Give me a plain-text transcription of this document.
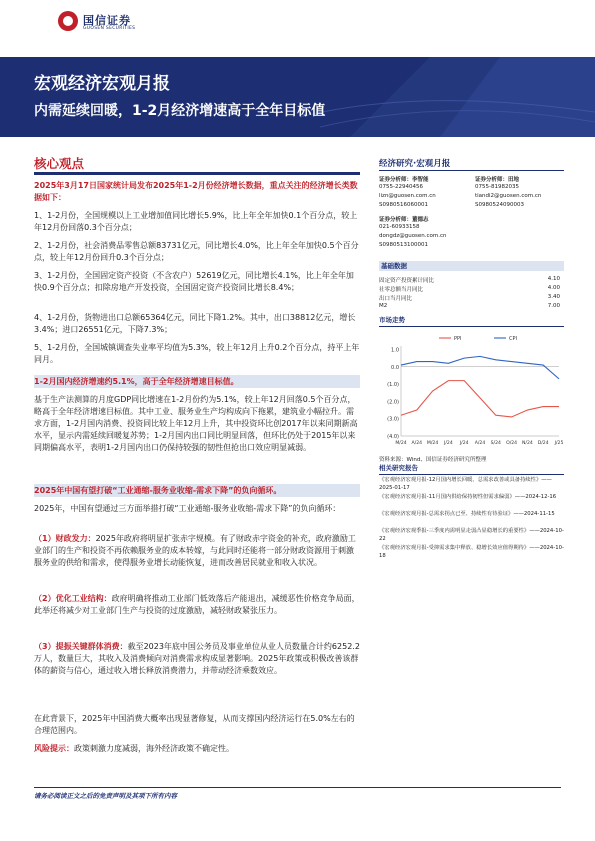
国信证券
GUOSEN SECURITIES
宏观经济宏观月报
内需延续回暖，1-2月经济增速高于全年目标值
核心观点

2025年3月17日国家统计局发布2025年1-2月份经济增长数据，重点关注的经济增长类数据如下：

1、1-2月份，全国规模以上工业增加值同比增长5.9%，比上年全年加快0.1个百分点，较上年12月份回落0.3个百分点；

2、1-2月份，社会消费品零售总额83731亿元，同比增长4.0%，比上年全年加快0.5个百分点，较上年12月份回升0.3个百分点；

3、1-2月份，全国固定资产投资（不含农户）52619亿元，同比增长4.1%，比上年全年加快0.9个百分点；扣除房地产开发投资，全国固定资产投资同比增长8.4%；

4、1-2月份，货物进出口总额65364亿元，同比下降1.2%。其中，出口38812亿元，增长3.4%；进口26551亿元，下降7.3%；

5、1-2月份，全国城镇调查失业率平均值为5.3%，较上年12月上升0.2个百分点，持平上年同月。

1-2月国内经济增速约5.1%，高于全年经济增速目标值。

基于生产法测算的月度GDP同比增速在1-2月份约为5.1%，较上年12月回落0.5个百分点，略高于全年经济增速目标值。其中工业、服务业生产均构成向下拖累，建筑业小幅拉升。需求方面，1-2月国内消费、投资同比较上年12月上升，其中投资环比创2017年以来同期新高水平，显示内需延续回暖复苏势；1-2月国内出口同比明显回落，但环比仍处于2015年以来同期偏高水平，表明1-2月国内出口仍保持较强的韧性但抢出口效应明显减弱。

2025年中国有望打破“工业通缩-服务业收缩-需求下降”的负向循环。

2025年，中国有望通过三方面举措打破“工业通缩-服务业收缩-需求下降”的负向循环：

（1）财政发力：2025年政府将明显扩张赤字规模。有了财政赤字资金的补充，政府激励工业部门的生产和投资不再依赖服务业的成本转嫁，与此同时还能将一部分财政资源用于刺激服务业的供给和需求，使得服务业增长动能恢复，进而改善居民就业和收入状况。

（2）优化工业结构：政府明确将推动工业部门低效落后产能退出，减缓恶性价格竞争局面，此举还将减少对工业部门生产与投资的过度激励，减轻财政紧张压力。

（3）提振关键群体消费：截至2023年底中国公务员及事业单位从业人员数量合计约6252.2万人，数量巨大，其收入及消费倾向对消费需求构成显著影响。2025年政策或积极改善该群体的薪资与信心，通过收入增长释放消费潜力，并带动经济乘数效应。

在此背景下，2025年中国消费大概率出现显著修复，从而支撑国内经济运行在5.0%左右的合理范围内。

风险提示：政策刺激力度减弱，海外经济政策不确定性。

经济研究·宏观月报
证券分析师：李智能
0755-22940456
lizn@guosen.com.cn
S0980516060001
证券分析师：田地
0755-81982035
tiandi2@guosen.com.cn
S0980524090003
证券分析师：董德志
021-60933158
dongdz@guosen.com.cn
S0980513100001
基础数据
固定资产投资累计同比	4.10
社零总额当月同比	4.00
出口当月同比	3.40
M2	7.00
市场走势
(4.0)
(3.0)
(2.0)
(1.0)
0.0
1.0
M/24 A/24 M/24 J/24 J/24 A/24 S/24 O/24 N/24 D/24 J/25
PPI	CPI
资料来源：Wind、国信证券经济研究所整理
相关研究报告
《宏观经济宏观月报-12月国内增长回暖、总需求改善或具备持续性》——2025-01-17
《宏观经济宏观月报-11月国内供给保持韧性但需求偏弱》——2024-12-16
《宏观经济宏观月报-总需求拐点已至、持续性有待验证》——2024-11-15
《宏观经济宏观季报-三季度内需明显走弱凸显稳增长的重要性》——2024-10-22
《宏观经济宏观月报-受抑需求集中释放、稳增长效应值得期待》——2024-10-18
请务必阅读正文之后的免责声明及其项下所有内容
